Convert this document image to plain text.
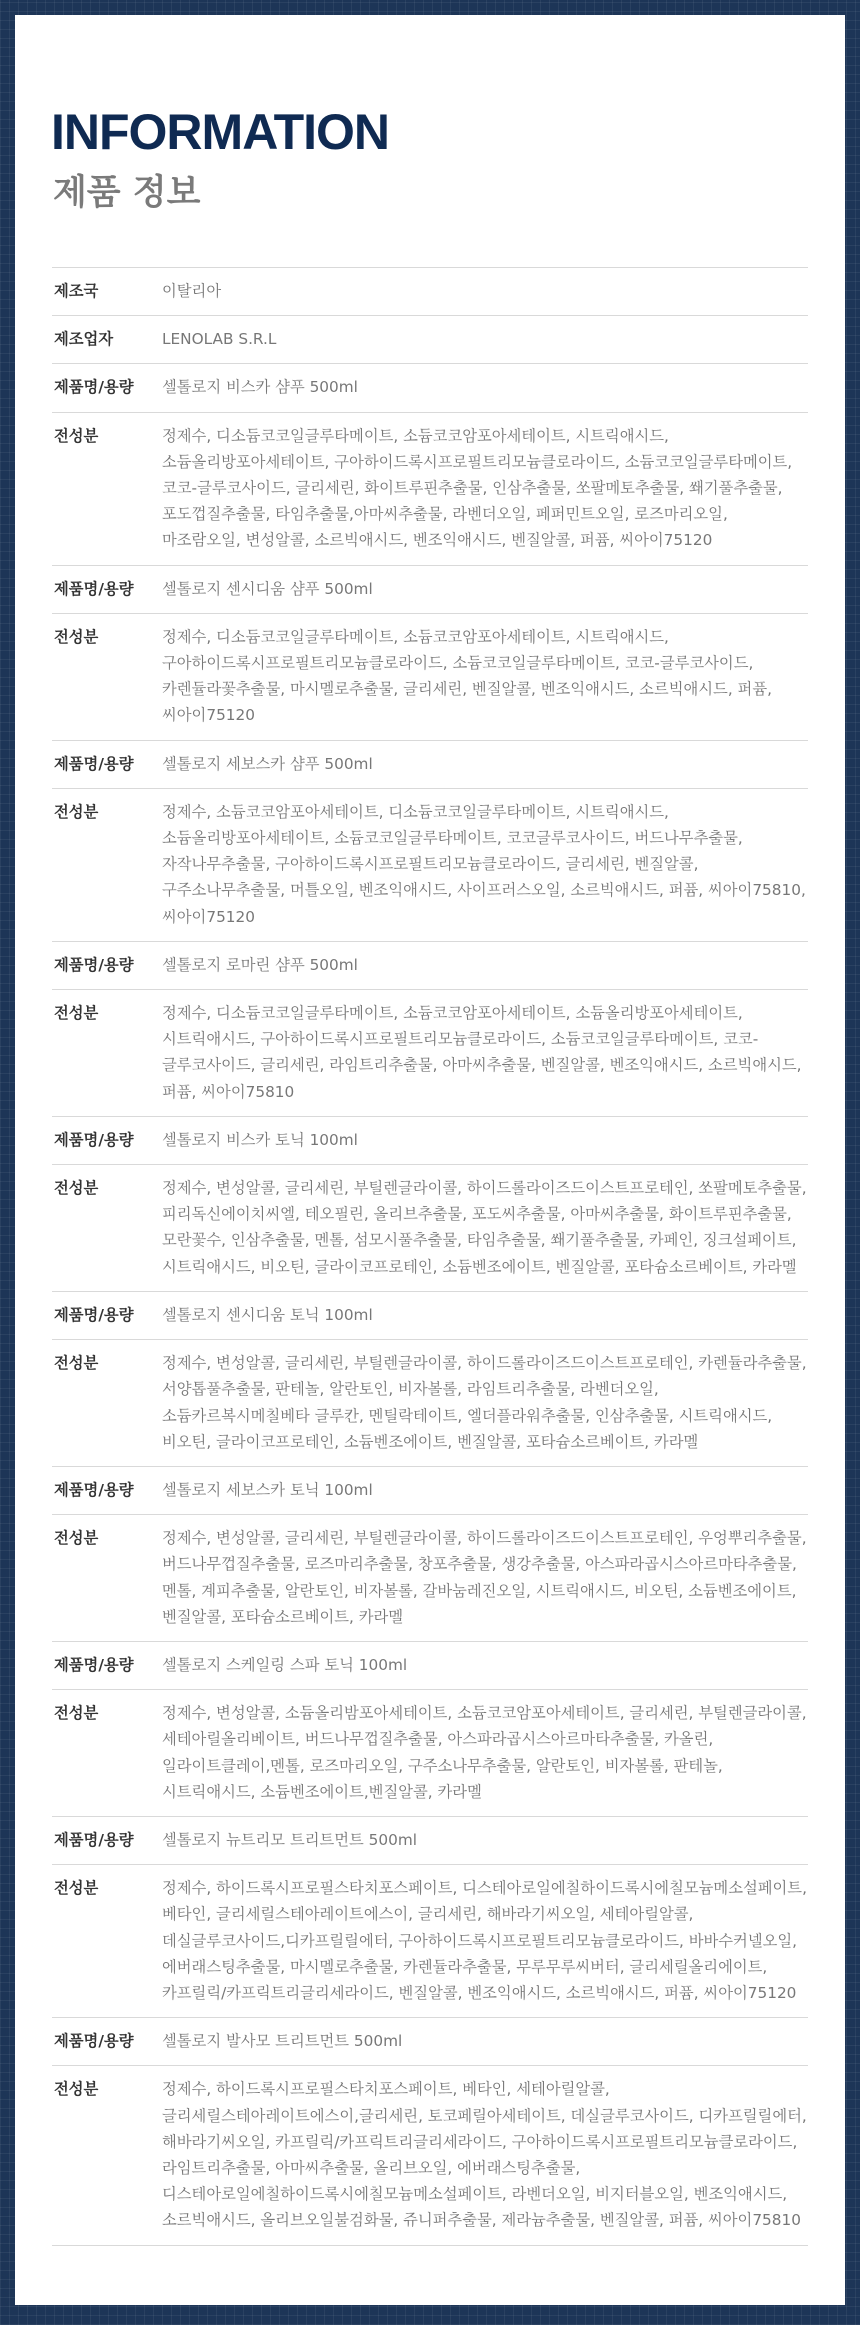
INFORMATION
제품 정보
제조국	이탈리아
제조업자	LENOLAB S.R.L
제품명/용량	셀톨로지 비스카 샴푸 500ml
전성분	정제수, 디소듐코코일글루타메이트, 소듐코코암포아세테이트, 시트릭애시드, 소듐올리방포아세테이트, 구아하이드록시프로필트리모늄클로라이드, 소듐코코일글루타메이트, 코코-글루코사이드, 글리세린, 화이트루핀추출물, 인삼추출물, 쏘팔메토추출물, 쐐기풀추출물, 포도껍질추출물, 타임추출물,아마씨추출물, 라벤더오일, 페퍼민트오일, 로즈마리오일, 마조람오일, 변성알콜, 소르빅애시드, 벤조익애시드, 벤질알콜, 퍼퓸, 씨아이75120
제품명/용량	셀톨로지 센시디움 샴푸 500ml
전성분	정제수, 디소듐코코일글루타메이트, 소듐코코암포아세테이트, 시트릭애시드, 구아하이드록시프로필트리모늄클로라이드, 소듐코코일글루타메이트, 코코-글루코사이드, 카렌듈라꽃추출물, 마시멜로추출물, 글리세린, 벤질알콜, 벤조익애시드, 소르빅애시드, 퍼퓸, 씨아이75120
제품명/용량	셀톨로지 세보스카 샴푸 500ml
전성분	정제수, 소듐코코암포아세테이트, 디소듐코코일글루타메이트, 시트릭애시드, 소듐올리방포아세테이트, 소듐코코일글루타메이트, 코코글루코사이드, 버드나무추출물, 자작나무추출물, 구아하이드록시프로필트리모늄클로라이드, 글리세린, 벤질알콜, 구주소나무추출물, 머틀오일, 벤조익애시드, 사이프러스오일, 소르빅애시드, 퍼퓸, 씨아이75810, 씨아이75120
제품명/용량	셀톨로지 로마린 샴푸 500ml
전성분	정제수, 디소듐코코일글루타메이트, 소듐코코암포아세테이트, 소듐올리방포아세테이트, 시트릭애시드, 구아하이드록시프로필트리모늄클로라이드, 소듐코코일글루타메이트, 코코-글루코사이드, 글리세린, 라임트리추출물, 아마씨추출물, 벤질알콜, 벤조익애시드, 소르빅애시드, 퍼퓸, 씨아이75810
제품명/용량	셀톨로지 비스카 토닉 100ml
전성분	정제수, 변성알콜, 글리세린, 부틸렌글라이콜, 하이드롤라이즈드이스트프로테인, 쏘팔메토추출물,피리독신에이치씨엘, 테오필린, 올리브추출물, 포도씨추출물, 아마씨추출물, 화이트루핀추출물, 모란꽃수, 인삼추출물, 멘톨, 섬모시풀추출물, 타임추출물, 쐐기풀추출물, 카페인, 징크설페이트, 시트릭애시드, 비오틴, 글라이코프로테인, 소듐벤조에이트, 벤질알콜, 포타슘소르베이트, 카라멜
제품명/용량	셀톨로지 센시디움 토닉 100ml
전성분	정제수, 변성알콜, 글리세린, 부틸렌글라이콜, 하이드롤라이즈드이스트프로테인, 카렌듈라추출물,서양톱풀추출물, 판테놀, 알란토인, 비자볼롤, 라임트리추출물, 라벤더오일, 소듐카르복시메칠베타 글루칸, 멘틸락테이트, 엘더플라워추출물, 인삼추출물, 시트릭애시드, 비오틴, 글라이코프로테인, 소듐벤조에이트, 벤질알콜, 포타슘소르베이트, 카라멜
제품명/용량	셀톨로지 세보스카 토닉 100ml
전성분	정제수, 변성알콜, 글리세린, 부틸렌글라이콜, 하이드롤라이즈드이스트프로테인, 우엉뿌리추출물,버드나무껍질추출물, 로즈마리추출물, 창포추출물, 생강추출물, 아스파라곱시스아르마타추출물, 멘톨, 계피추출물, 알란토인, 비자볼롤, 갈바눔레진오일, 시트릭애시드, 비오틴, 소듐벤조에이트, 벤질알콜, 포타슘소르베이트, 카라멜
제품명/용량	셀톨로지 스케일링 스파 토닉 100ml
전성분	정제수, 변성알콜, 소듐올리밤포아세테이트, 소듐코코암포아세테이트, 글리세린, 부틸렌글라이콜,세테아릴올리베이트, 버드나무껍질추출물, 아스파라곱시스아르마타추출물, 카올린, 일라이트클레이,멘톨, 로즈마리오일, 구주소나무추출물, 알란토인, 비자볼롤, 판테놀, 시트릭애시드, 소듐벤조에이트,벤질알콜, 카라멜
제품명/용량	셀톨로지 뉴트리모 트리트먼트 500ml
전성분	정제수, 하이드록시프로필스타치포스페이트, 디스테아로일에칠하이드록시에칠모늄메소설페이트,베타인, 글리세릴스테아레이트에스이, 글리세린, 해바라기씨오일, 세테아릴알콜, 데실글루코사이드,디카프릴릴에터, 구아하이드록시프로필트리모늄클로라이드, 바바수커넬오일, 에버래스팅추출물, 마시멜로추출물, 카렌듈라추출물, 무루무루씨버터, 글리세릴올리에이트, 카프릴릭/카프릭트리글리세라이드, 벤질알콜, 벤조익애시드, 소르빅애시드, 퍼퓸, 씨아이75120
제품명/용량	셀톨로지 발사모 트리트먼트 500ml
전성분	정제수, 하이드록시프로필스타치포스페이트, 베타인, 세테아릴알콜, 글리세릴스테아레이트에스이,글리세린, 토코페릴아세테이트, 데실글루코사이드, 디카프릴릴에터, 해바라기씨오일, 카프릴릭/카프릭트리글리세라이드, 구아하이드록시프로필트리모늄클로라이드, 라임트리추출물, 아마씨추출물, 올리브오일, 에버래스팅추출물, 디스테아로일에칠하이드록시에칠모늄메소설페이트, 라벤더오일, 비지터블오일, 벤조익애시드, 소르빅애시드, 올리브오일불검화물, 쥬니퍼추출물, 제라늄추출물, 벤질알콜, 퍼퓸, 씨아이75810
